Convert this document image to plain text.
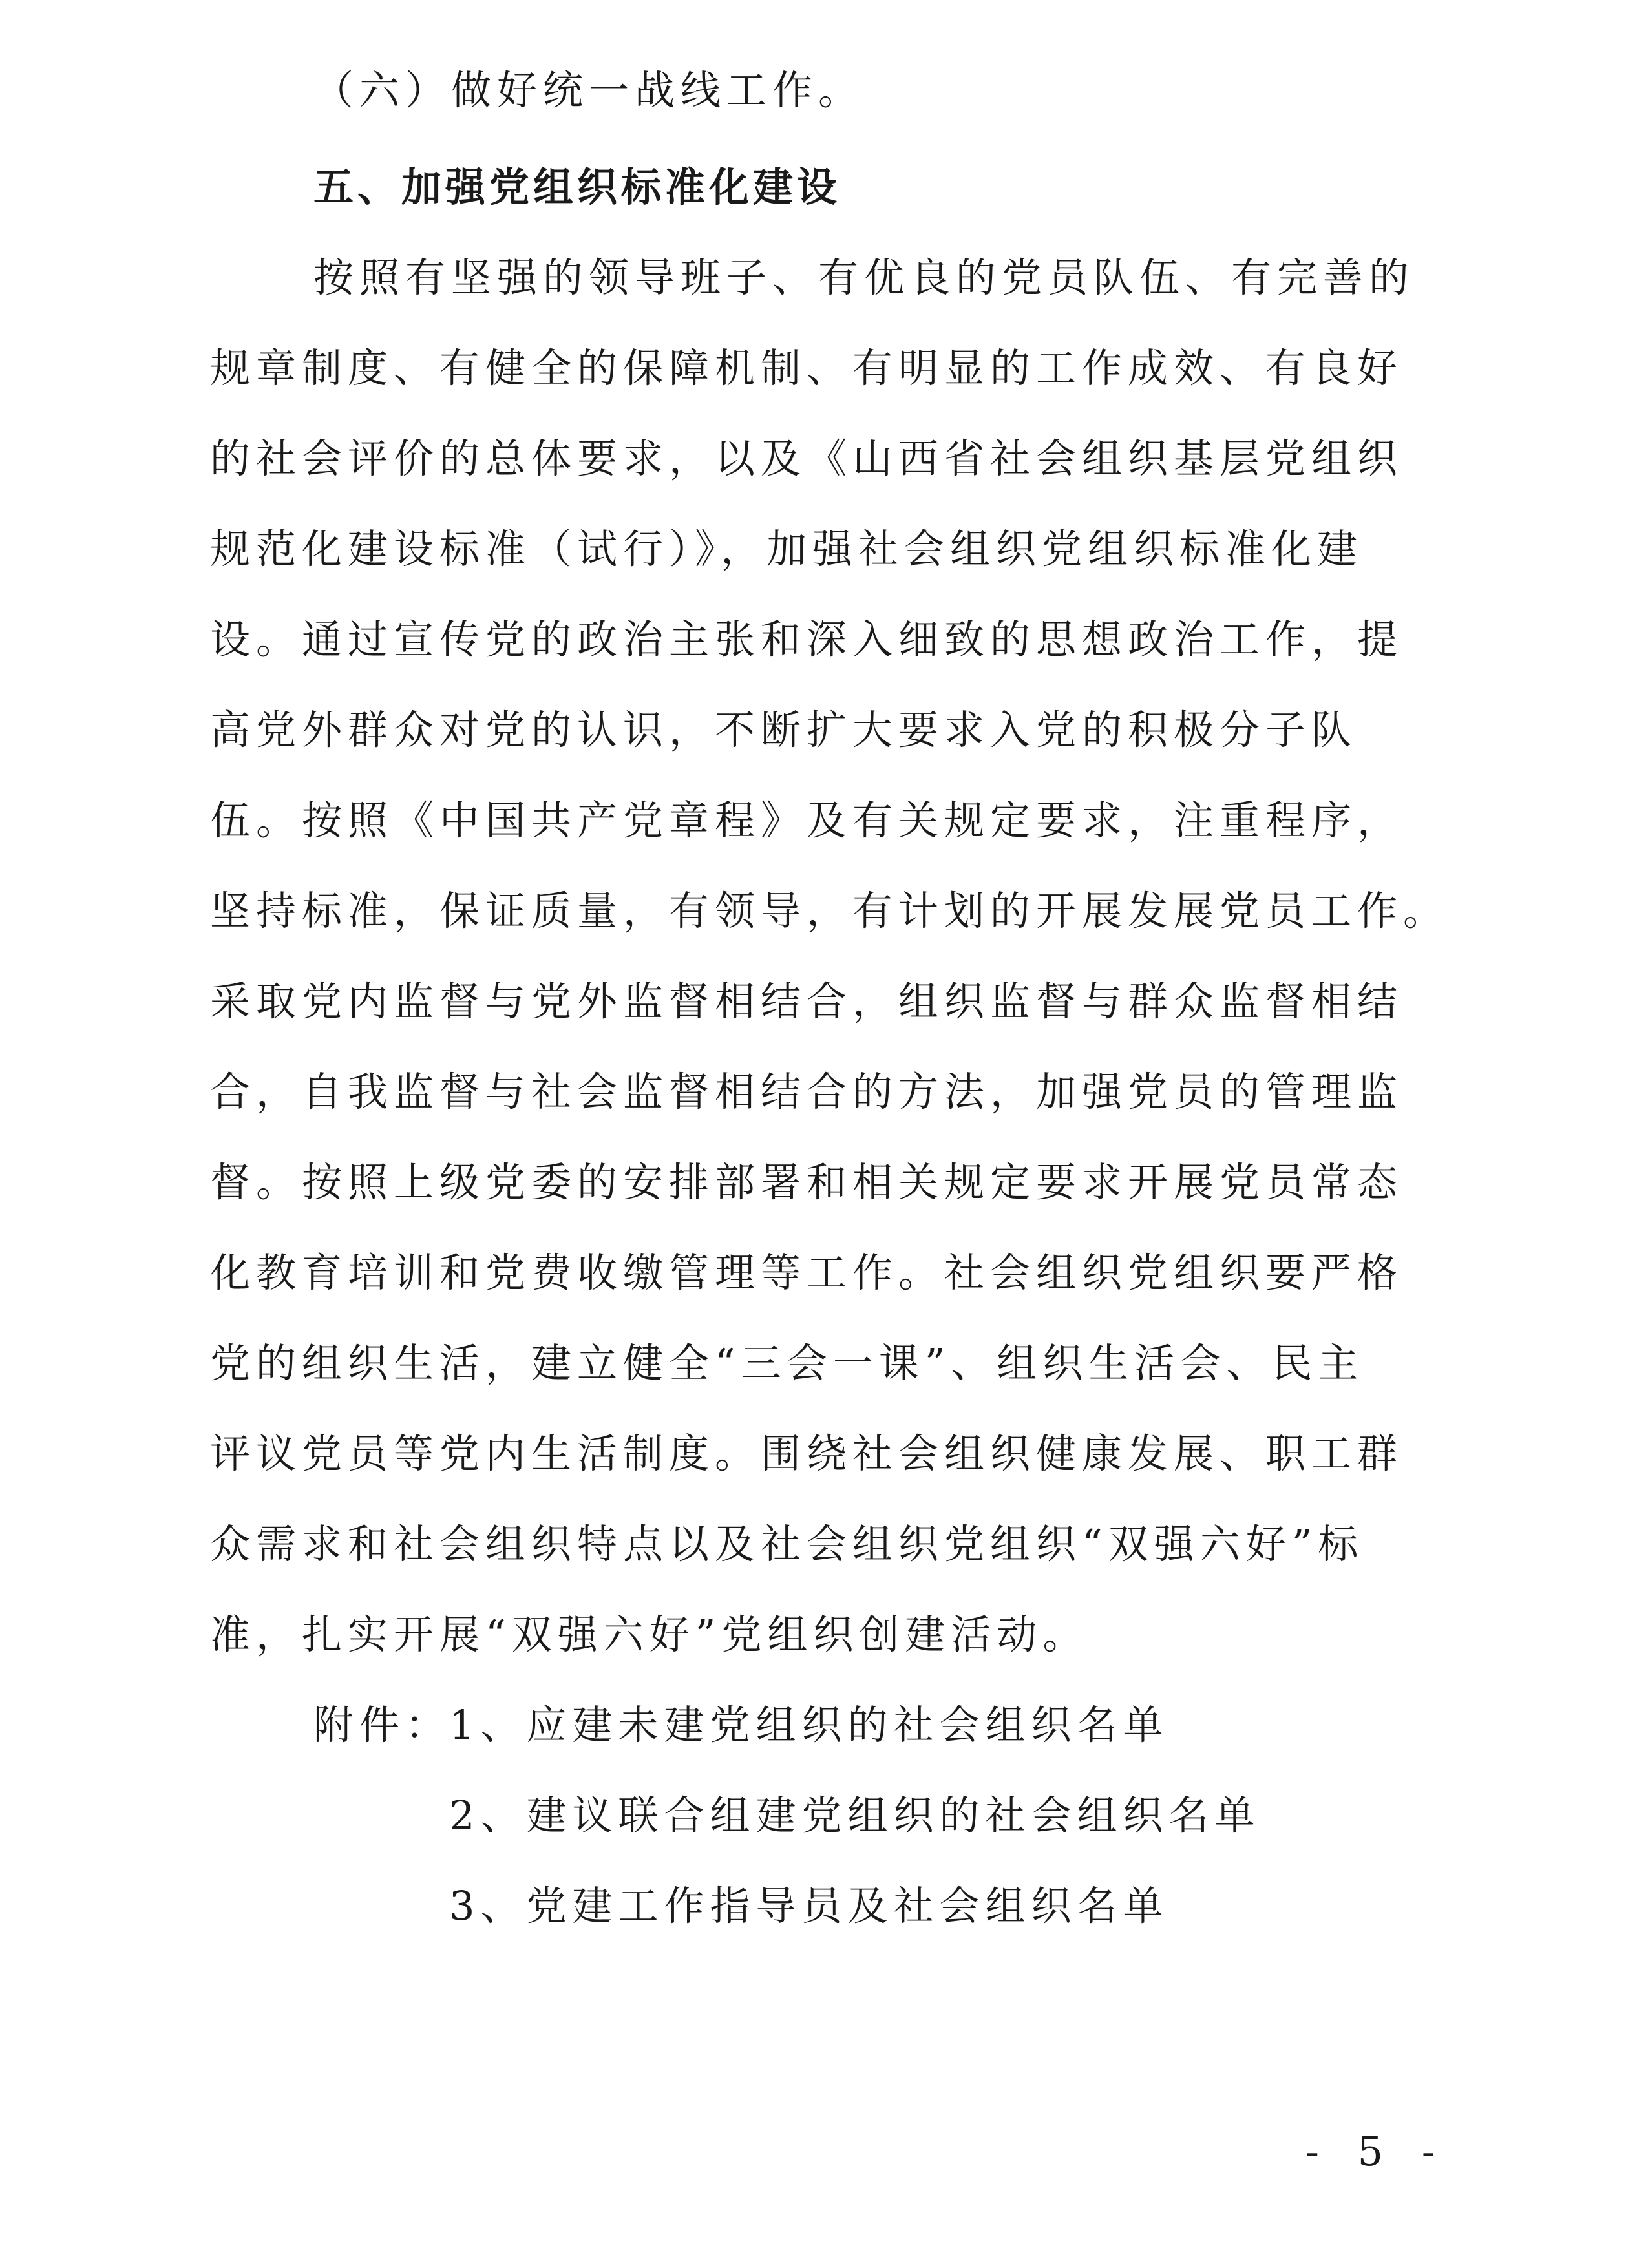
（六）做好统一战线工作。
五、加强党组织标准化建设
按照有坚强的领导班子、有优良的党员队伍、有完善的
规章制度、有健全的保障机制、有明显的工作成效、有良好
的社会评价的总体要求，以及《山西省社会组织基层党组织
规范化建设标准（试行）》，加强社会组织党组织标准化建
设。通过宣传党的政治主张和深入细致的思想政治工作，提
高党外群众对党的认识，不断扩大要求入党的积极分子队
伍。按照《中国共产党章程》及有关规定要求，注重程序，
坚持标准，保证质量，有领导，有计划的开展发展党员工作。
采取党内监督与党外监督相结合，组织监督与群众监督相结
合，自我监督与社会监督相结合的方法，加强党员的管理监
督。按照上级党委的安排部署和相关规定要求开展党员常态
化教育培训和党费收缴管理等工作。社会组织党组织要严格
党的组织生活，建立健全“三会一课”、组织生活会、民主
评议党员等党内生活制度。围绕社会组织健康发展、职工群
众需求和社会组织特点以及社会组织党组织“双强六好”标
准，扎实开展“双强六好”党组织创建活动。
附件：
1、应建未建党组织的社会组织名单
2、建议联合组建党组织的社会组织名单
3、党建工作指导员及社会组织名单
- 5 -
